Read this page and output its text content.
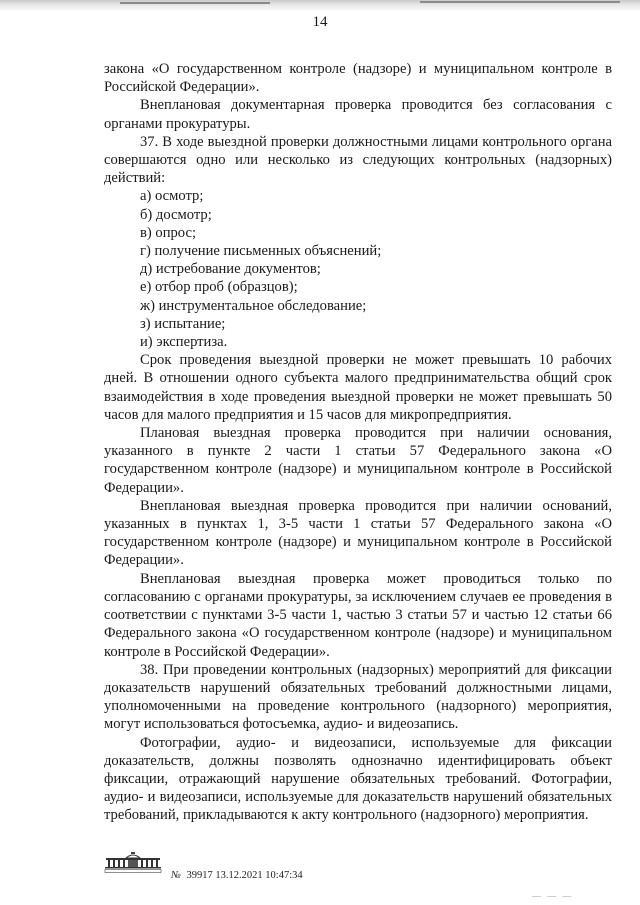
14

закона «О государственном контроле (надзоре) и муниципальном контроле в Российской Федерации».

Внеплановая документарная проверка проводится без согласования с органами прокуратуры.

37. В ходе выездной проверки должностными лицами контрольного органа совершаются одно или несколько из следующих контрольных (надзорных) действий:

а) осмотр;

б) досмотр;

в) опрос;

г) получение письменных объяснений;

д) истребование документов;

е) отбор проб (образцов);

ж) инструментальное обследование;

з) испытание;

и) экспертиза.

Срок проведения выездной проверки не может превышать 10 рабочих дней. В отношении одного субъекта малого предпринимательства общий срок взаимодействия в ходе проведения выездной проверки не может превышать 50 часов для малого предприятия и 15 часов для микропредприятия.

Плановая выездная проверка проводится при наличии основания, указанного в пункте 2 части 1 статьи 57 Федерального закона «О государственном контроле (надзоре) и муниципальном контроле в Российской Федерации».

Внеплановая выездная проверка проводится при наличии оснований, указанных в пунктах 1, 3-5 части 1 статьи 57 Федерального закона «О государственном контроле (надзоре) и муниципальном контроле в Российской Федерации».

Внеплановая выездная проверка может проводиться только по согласованию с органами прокуратуры, за исключением случаев ее проведения в соответствии с пунктами 3-5 части 1, частью 3 статьи 57 и частью 12 статьи 66 Федерального закона «О государственном контроле (надзоре) и муниципальном контроле в Российской Федерации».

38. При проведении контрольных (надзорных) мероприятий для фиксации доказательств нарушений обязательных требований должностными лицами, уполномоченными на проведение контрольного (надзорного) мероприятия, могут использоваться фотосъемка, аудио- и видеозапись.

Фотографии, аудио- и видеозаписи, используемые для фиксации доказательств, должны позволять однозначно идентифицировать объект фиксации, отражающий нарушение обязательных требований. Фотографии, аудио- и видеозаписи, используемые для доказательств нарушений обязательных требований, прикладываются к акту контрольного (надзорного) мероприятия.

№ 39917 13.12.2021 10:47:34
— — —
